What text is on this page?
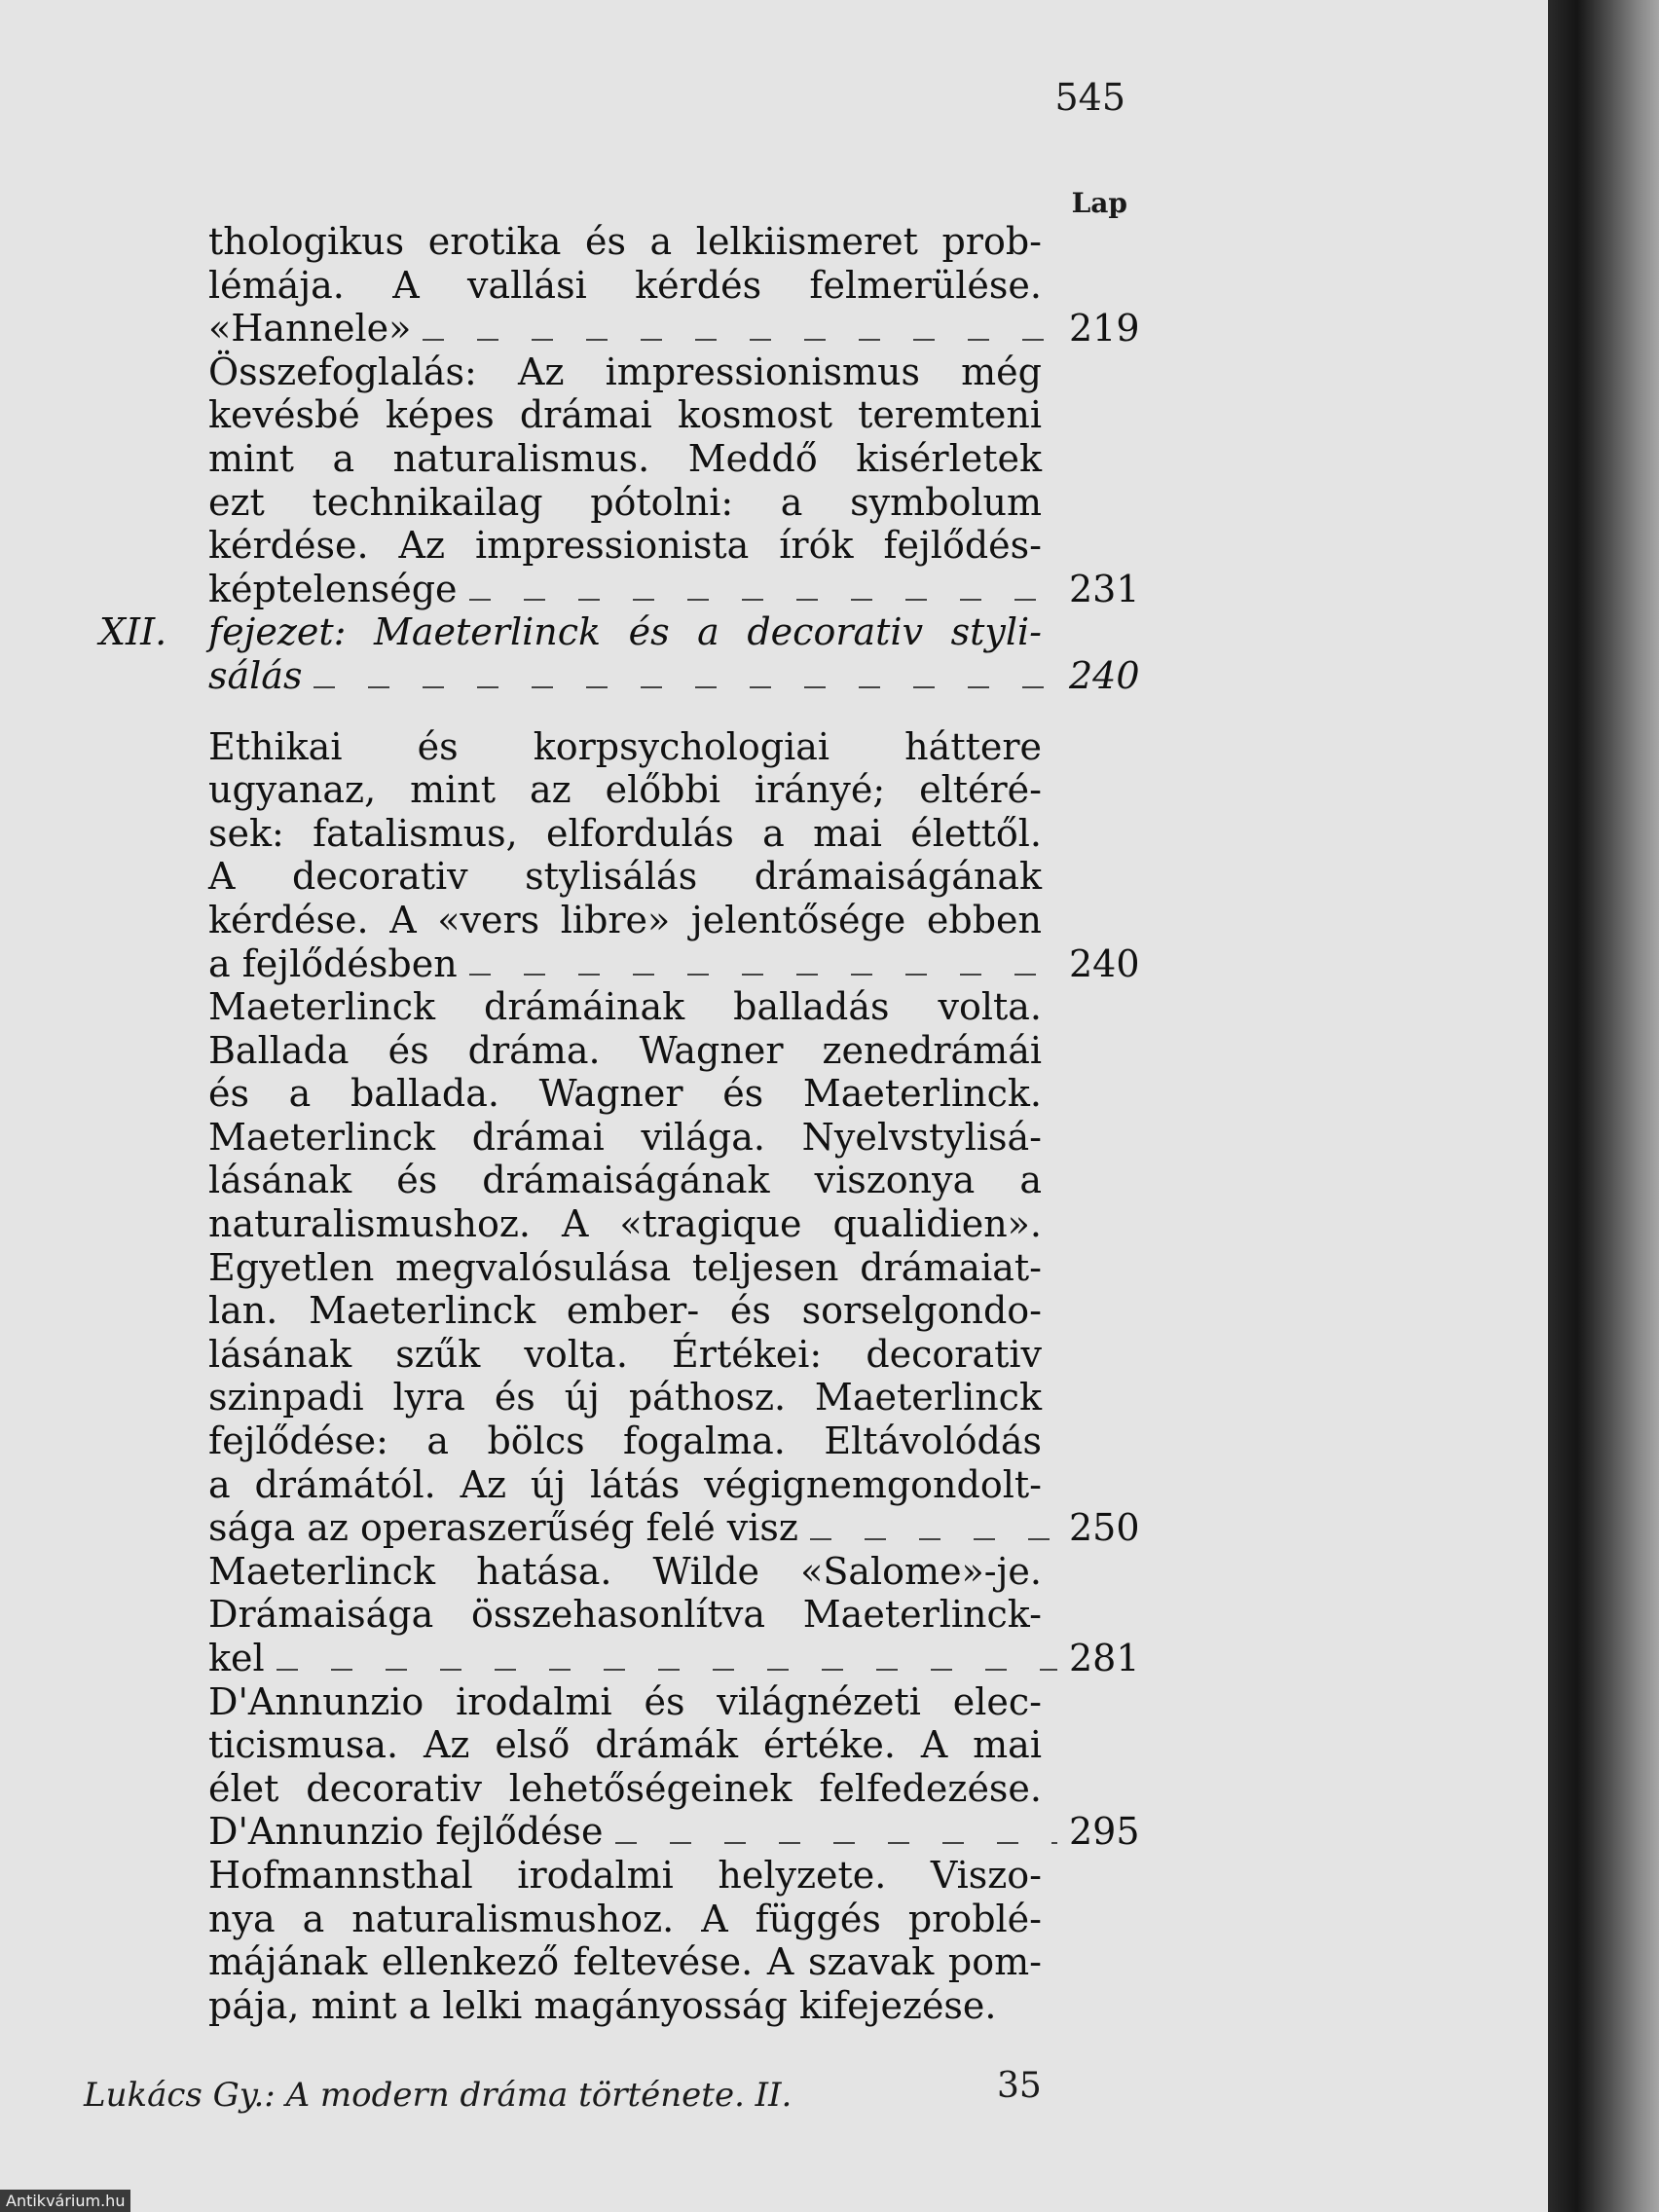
545
Lap
thologikus erotika és a lelkiismeret prob-
lémája. A vallási kérdés felmerülése.
«Hannele»	219
Összefoglalás: Az impressionismus még
kevésbé képes drámai kosmost teremteni
mint a naturalismus. Meddő kisérletek
ezt technikailag pótolni: a symbolum
kérdése. Az impressionista írók fejlődés-
képtelensége	231
XII. fejezet: Maeterlinck és a decorativ styli-
sálás	240
Ethikai és korpsychologiai háttere
ugyanaz, mint az előbbi irányé; eltéré-
sek: fatalismus, elfordulás a mai élettől.
A decorativ stylisálás drámaiságának
kérdése. A «vers libre» jelentősége ebben
a fejlődésben	240
Maeterlinck drámáinak balladás volta.
Ballada és dráma. Wagner zenedrámái
és a ballada. Wagner és Maeterlinck.
Maeterlinck drámai világa. Nyelvstylisá-
lásának és drámaiságának viszonya a
naturalismushoz. A «tragique qualidien».
Egyetlen megvalósulása teljesen drámaiat-
lan. Maeterlinck ember- és sorselgondo-
lásának szűk volta. Értékei: decorativ
szinpadi lyra és új páthosz. Maeterlinck
fejlődése: a bölcs fogalma. Eltávolódás
a drámától. Az új látás végignemgondolt-
sága az operaszerűség felé visz	250
Maeterlinck hatása. Wilde «Salome»-je.
Drámaisága összehasonlítva Maeterlinck-
kel	281
D'Annunzio irodalmi és világnézeti elec-
ticismusa. Az első drámák értéke. A mai
élet decorativ lehetőségeinek felfedezése.
D'Annunzio fejlődése	295
Hofmannsthal irodalmi helyzete. Viszo-
nya a naturalismushoz. A függés problé-
májának ellenkező feltevése. A szavak pom-
pája, mint a lelki magányosság kifejezése.
Lukács Gy.: A modern dráma története. II.	35
Antikvárium.hu
